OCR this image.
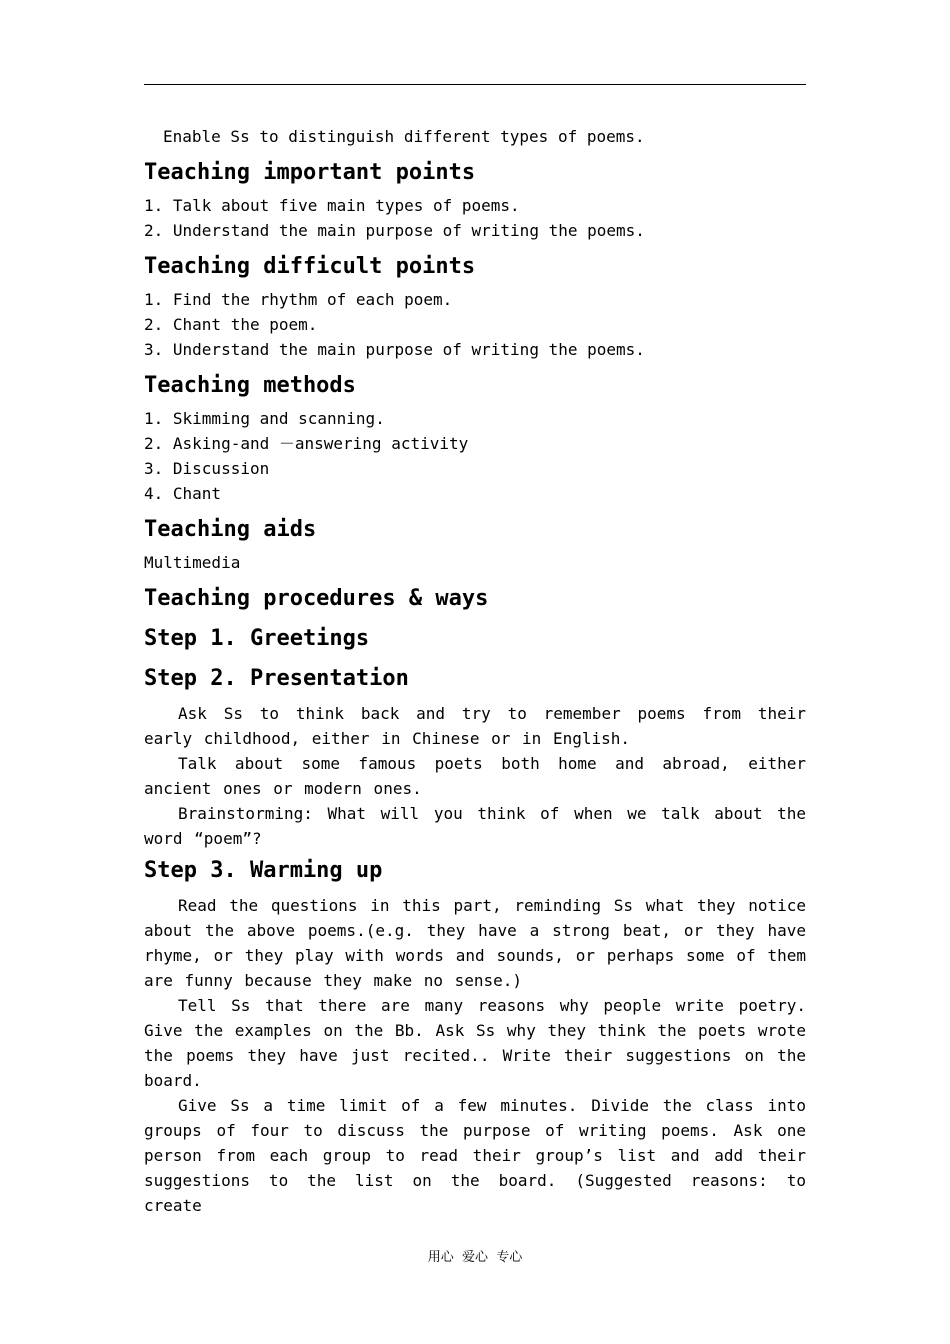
Enable Ss to distinguish different types of poems.

Teaching important points
1. Talk about five main types of poems.
2. Understand the main purpose of writing the poems.
Teaching difficult points
1. Find the rhythm of each poem.
2. Chant the poem.
3. Understand the main purpose of writing the poems.
Teaching methods
1. Skimming and scanning.
2. Asking-and －answering activity
3. Discussion
4. Chant
Teaching aids

Multimedia

Teaching procedures & ways
Step 1. Greetings
Step 2. Presentation

Ask Ss to think back and try to remember poems from their early childhood, either in Chinese or in English.

Talk about some famous poets both home and abroad, either ancient ones or modern ones.

Brainstorming: What will you think of when we talk about the word “poem”?

Step 3. Warming up

Read the questions in this part, reminding Ss what they notice about the above poems.(e.g. they have a strong beat, or they have rhyme, or they play with words and sounds, or perhaps some of them are funny because they make no sense.)

Tell Ss that there are many reasons why people write poetry. Give the examples on the Bb. Ask Ss why they think the poets wrote the poems they have just recited.. Write their suggestions on the board.

Give Ss a time limit of a few minutes. Divide the class into groups of four to discuss the purpose of writing poems. Ask one person from each group to read their group’s list and add their suggestions to the list on the board. (Suggested reasons: to create

用心  爱心  专心
